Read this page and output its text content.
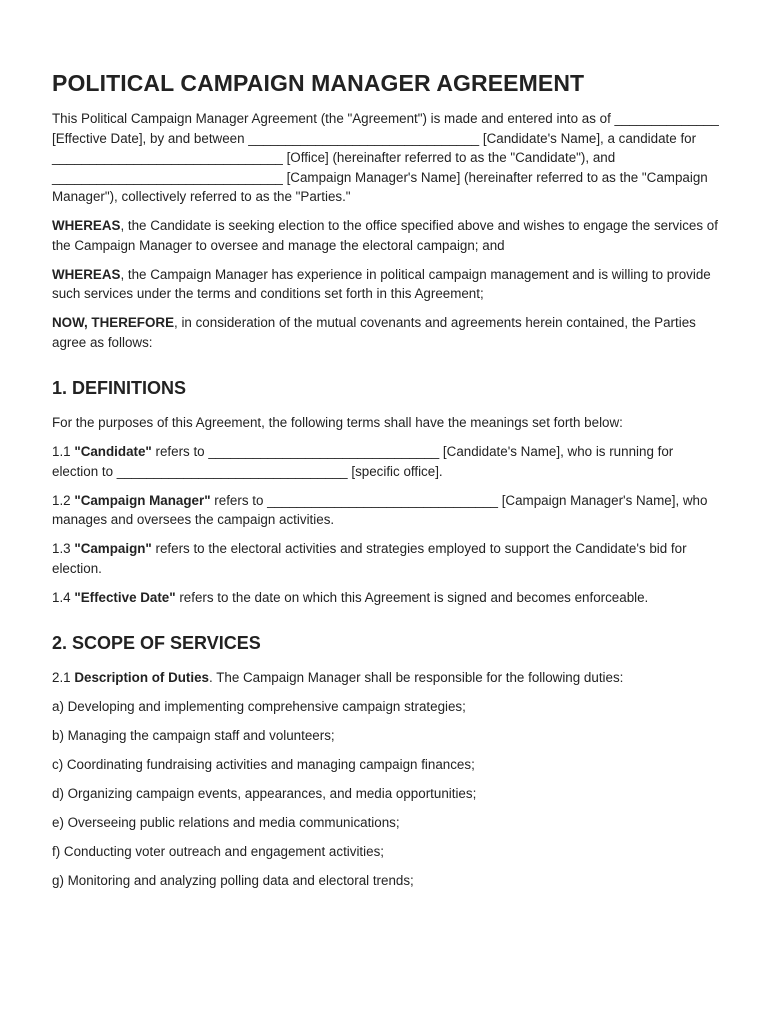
POLITICAL CAMPAIGN MANAGER AGREEMENT

This Political Campaign Manager Agreement (the "Agreement") is made and entered into as of ______________ [Effective Date], by and between _______________________________ [Candidate's Name], a candidate for _______________________________ [Office] (hereinafter referred to as the "Candidate"), and _______________________________ [Campaign Manager's Name] (hereinafter referred to as the "Campaign Manager"), collectively referred to as the "Parties."

WHEREAS, the Candidate is seeking election to the office specified above and wishes to engage the services of the Campaign Manager to oversee and manage the electoral campaign; and

WHEREAS, the Campaign Manager has experience in political campaign management and is willing to provide such services under the terms and conditions set forth in this Agreement;

NOW, THEREFORE, in consideration of the mutual covenants and agreements herein contained, the Parties agree as follows:

1. DEFINITIONS

For the purposes of this Agreement, the following terms shall have the meanings set forth below:

1.1 "Candidate" refers to _______________________________ [Candidate's Name], who is running for election to _______________________________ [specific office].

1.2 "Campaign Manager" refers to _______________________________ [Campaign Manager's Name], who manages and oversees the campaign activities.

1.3 "Campaign" refers to the electoral activities and strategies employed to support the Candidate's bid for election.

1.4 "Effective Date" refers to the date on which this Agreement is signed and becomes enforceable.

2. SCOPE OF SERVICES

2.1 Description of Duties. The Campaign Manager shall be responsible for the following duties:

a) Developing and implementing comprehensive campaign strategies;

b) Managing the campaign staff and volunteers;

c) Coordinating fundraising activities and managing campaign finances;

d) Organizing campaign events, appearances, and media opportunities;

e) Overseeing public relations and media communications;

f) Conducting voter outreach and engagement activities;

g) Monitoring and analyzing polling data and electoral trends;
